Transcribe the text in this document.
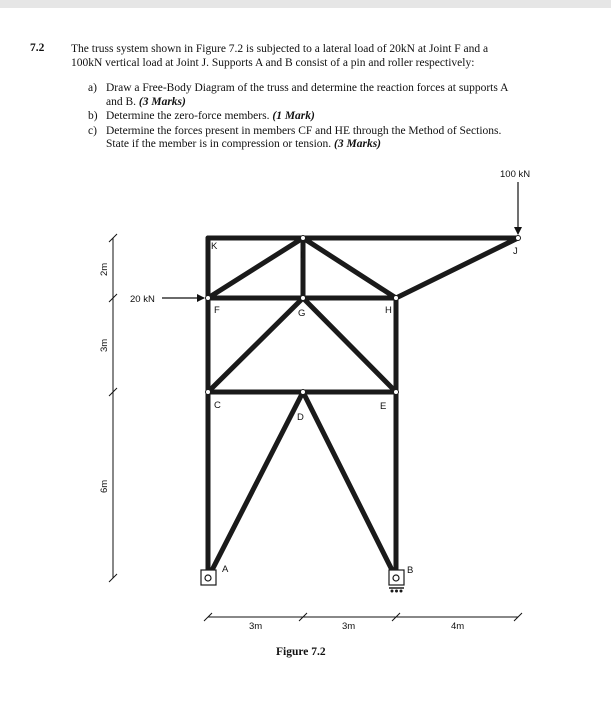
7.2 The truss system shown in Figure 7.2 is subjected to a lateral load of 20kN at Joint F and a
100kN vertical load at Joint J. Supports A and B consist of a pin and roller respectively:
a) Draw a Free-Body Diagram of the truss and determine the reaction forces at supports A
and B. (3 Marks)
b) Determine the zero-force members. (1 Mark)
c) Determine the forces present in members CF and HE through the Method of Sections.
State if the member is in compression or tension. (3 Marks)
100 kN
20 kN
K
I	J
F	G	H
C
D
E
A	B
2m
3m
6m
3m	3m	4m
Figure 7.2
